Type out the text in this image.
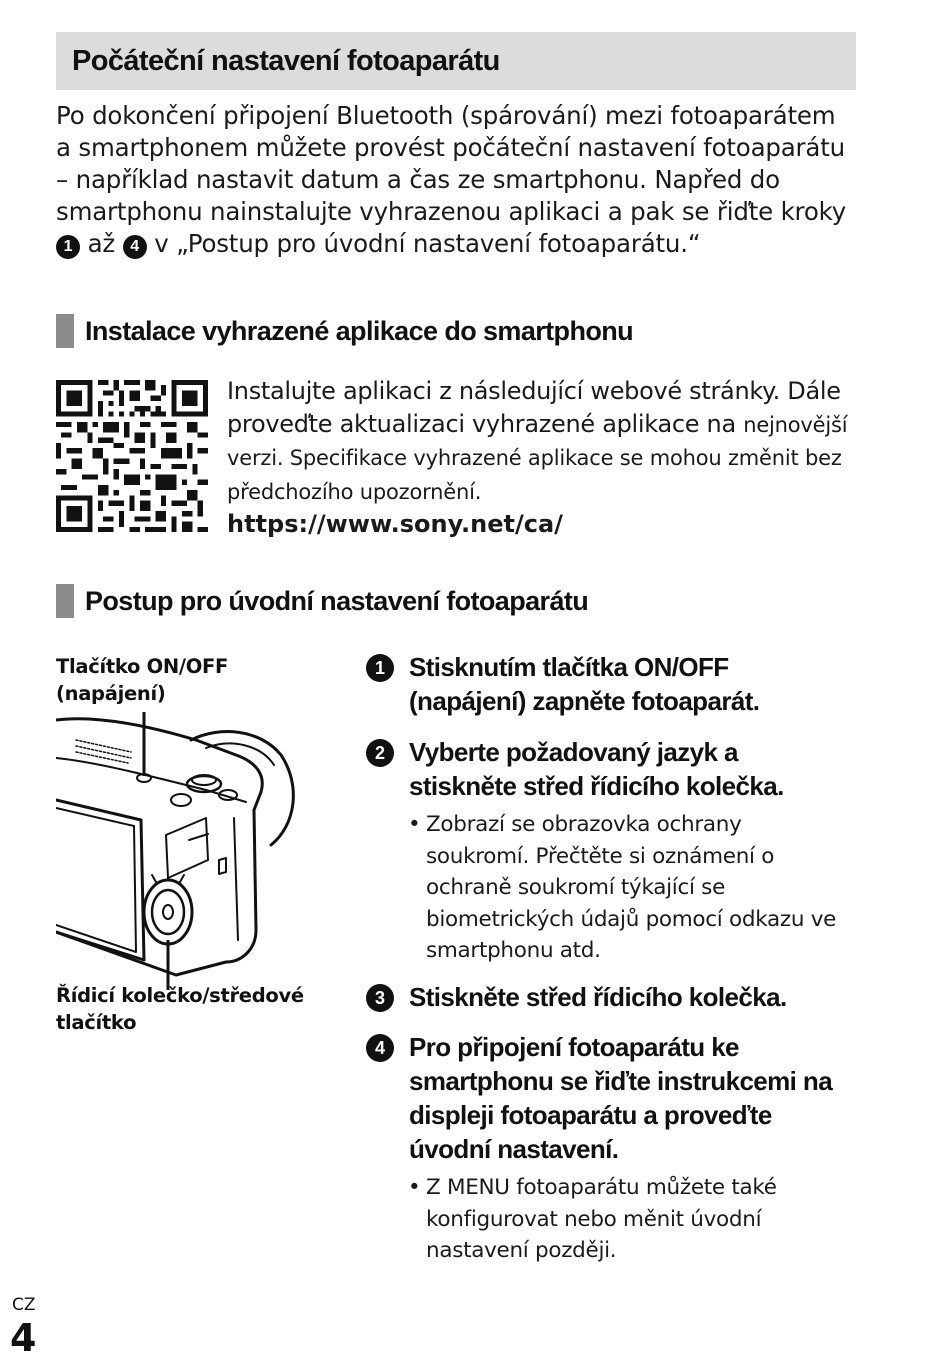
Počáteční nastavení fotoaparátu

Po dokončení připojení Bluetooth (spárování) mezi fotoaparátem a smartphonem můžete provést počáteční nastavení fotoaparátu – například nastavit datum a čas ze smartphonu. Napřed do smartphonu nainstalujte vyhrazenou aplikaci a pak se řiďte kroky 1 až 4 v „Postup pro úvodní nastavení fotoaparátu.“

Instalace vyhrazené aplikace do smartphonu

Instalujte aplikaci z následující webové stránky. Dále proveďte aktualizaci vyhrazené aplikace na nejnovější verzi. Specifikace vyhrazené aplikace se mohou změnit bez předchozího upozornění.
https://www.sony.net/ca/

Postup pro úvodní nastavení fotoaparátu
Tlačítko ON/OFF (napájení)
Řídicí kolečko/středové tlačítko
1 Stisknutím tlačítka ON/OFF (napájení) zapněte fotoaparát.
2 Vyberte požadovaný jazyk a stiskněte střed řídicího kolečka.
• Zobrazí se obrazovka ochrany soukromí. Přečtěte si oznámení o ochraně soukromí týkající se biometrických údajů pomocí odkazu ve smartphonu atd.
3 Stiskněte střed řídicího kolečka.
4 Pro připojení fotoaparátu ke smartphonu se řiďte instrukcemi na displeji fotoaparátu a proveďte úvodní nastavení.
• Z MENU fotoaparátu můžete také konfigurovat nebo měnit úvodní nastavení později.
CZ
4
